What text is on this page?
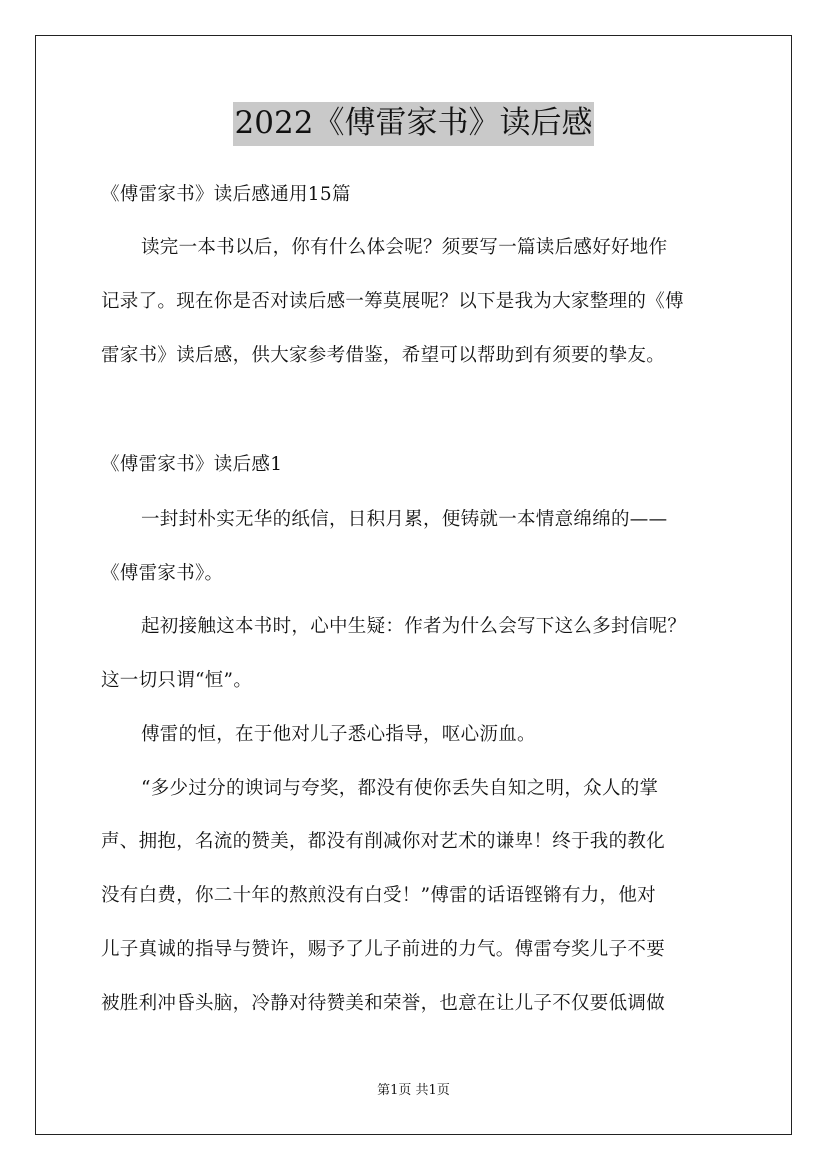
2022《傅雷家书》读后感
《傅雷家书》读后感通用15篇
读完一本书以后，你有什么体会呢？须要写一篇读后感好好地作
记录了。现在你是否对读后感一筹莫展呢？以下是我为大家整理的《傅
雷家书》读后感，供大家参考借鉴，希望可以帮助到有须要的挚友。
《傅雷家书》读后感1
一封封朴实无华的纸信，日积月累，便铸就一本情意绵绵的——
《傅雷家书》。
起初接触这本书时，心中生疑：作者为什么会写下这么多封信呢？
这一切只谓“恒”。
傅雷的恒，在于他对儿子悉心指导，呕心沥血。
“多少过分的谀词与夸奖，都没有使你丢失自知之明，众人的掌
声、拥抱，名流的赞美，都没有削减你对艺术的谦卑！终于我的教化
没有白费，你二十年的熬煎没有白受！”傅雷的话语铿锵有力，他对
儿子真诚的指导与赞许，赐予了儿子前进的力气。傅雷夸奖儿子不要
被胜利冲昏头脑，冷静对待赞美和荣誉，也意在让儿子不仅要低调做
第1页 共1页
